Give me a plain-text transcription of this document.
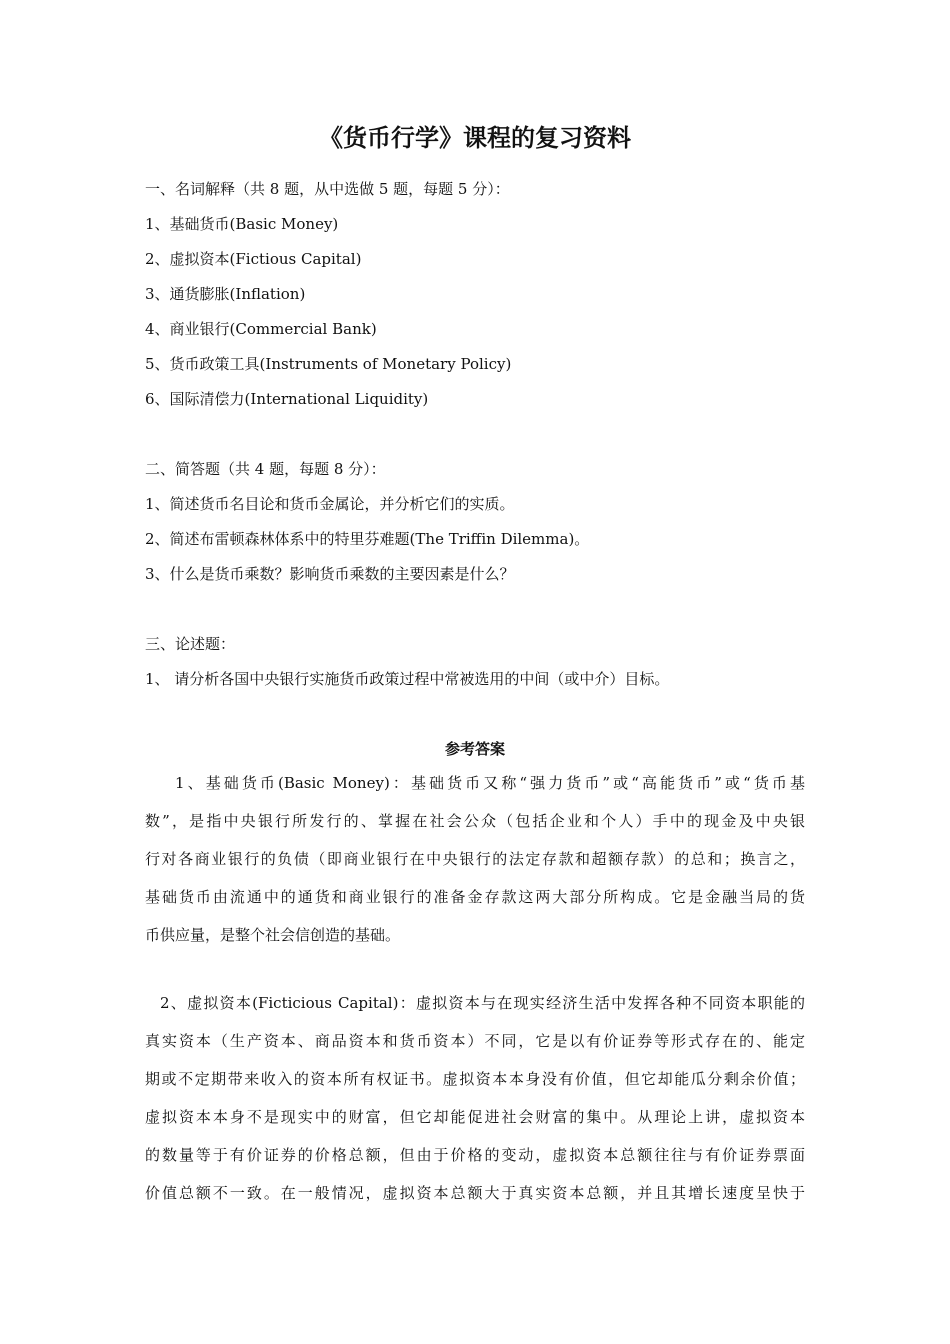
《货币行学》课程的复习资料
一、名词解释（共 8 题，从中选做 5 题，每题 5 分）：
1、基础货币(Basic Money)
2、虚拟资本(Fictious Capital)
3、通货膨胀(Inflation)
4、商业银行(Commercial Bank)
5、货币政策工具(Instruments of Monetary Policy)
6、国际清偿力(International Liquidity)
二、简答题（共 4 题，每题 8 分）：
1、简述货币名目论和货币金属论，并分析它们的实质。
2、简述布雷顿森林体系中的特里芬难题(The Triffin Dilemma)。
3、什么是货币乘数？影响货币乘数的主要因素是什么？
三、论述题：
1、 请分析各国中央银行实施货币政策过程中常被选用的中间（或中介）目标。
参考答案
1、基础货币(Basic Money)：基础货币又称“强力货币”或“高能货币”或“货币基
数”，是指中央银行所发行的、掌握在社会公众（包括企业和个人）手中的现金及中央银
行对各商业银行的负债（即商业银行在中央银行的法定存款和超额存款）的总和；换言之，
基础货币由流通中的通货和商业银行的准备金存款这两大部分所构成。它是金融当局的货
币供应量，是整个社会信创造的基础。
2、虚拟资本(Ficticious Capital)：虚拟资本与在现实经济生活中发挥各种不同资本职能的
真实资本（生产资本、商品资本和货币资本）不同，它是以有价证券等形式存在的、能定
期或不定期带来收入的资本所有权证书。虚拟资本本身没有价值，但它却能瓜分剩余价值；
虚拟资本本身不是现实中的财富，但它却能促进社会财富的集中。从理论上讲，虚拟资本
的数量等于有价证券的价格总额，但由于价格的变动，虚拟资本总额往往与有价证券票面
价值总额不一致。在一般情况，虚拟资本总额大于真实资本总额，并且其增长速度呈快于
